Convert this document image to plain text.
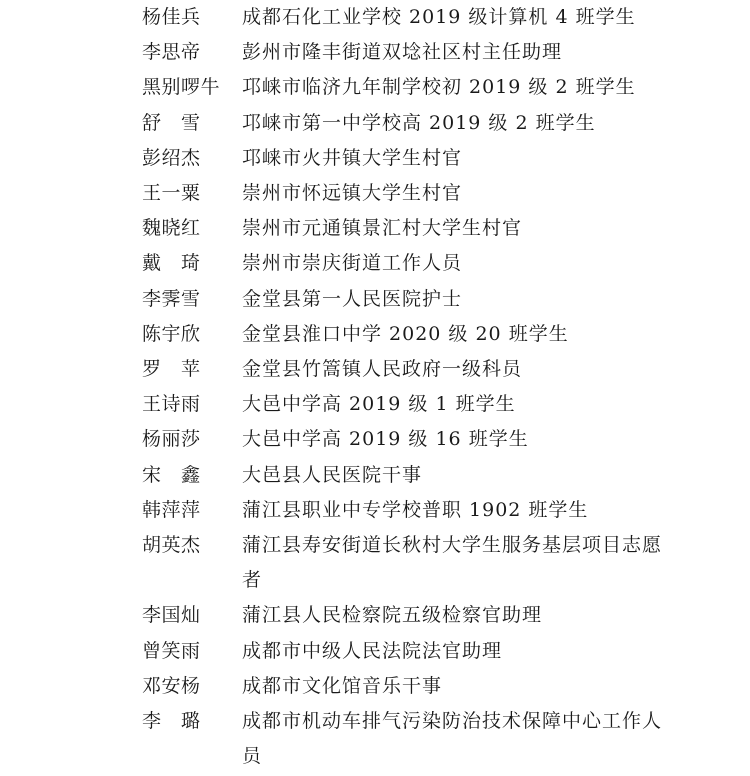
杨佳兵	成都石化工业学校 2019 级计算机 4 班学生
李思帝	彭州市隆丰街道双埝社区村主任助理
黑别啰牛	邛崃市临济九年制学校初 2019 级 2 班学生
舒　雪	邛崃市第一中学校高 2019 级 2 班学生
彭绍杰	邛崃市火井镇大学生村官
王一粟	崇州市怀远镇大学生村官
魏晓红	崇州市元通镇景汇村大学生村官
戴　琦	崇州市崇庆街道工作人员
李霁雪	金堂县第一人民医院护士
陈宇欣	金堂县淮口中学 2020 级 20 班学生
罗　苹	金堂县竹篙镇人民政府一级科员
王诗雨	大邑中学高 2019 级 1 班学生
杨丽莎	大邑中学高 2019 级 16 班学生
宋　鑫	大邑县人民医院干事
韩萍萍	蒲江县职业中专学校普职 1902 班学生
胡英杰	蒲江县寿安街道长秋村大学生服务基层项目志愿者
李国灿	蒲江县人民检察院五级检察官助理
曾笑雨	成都市中级人民法院法官助理
邓安杨	成都市文化馆音乐干事
李　璐	成都市机动车排气污染防治技术保障中心工作人员
